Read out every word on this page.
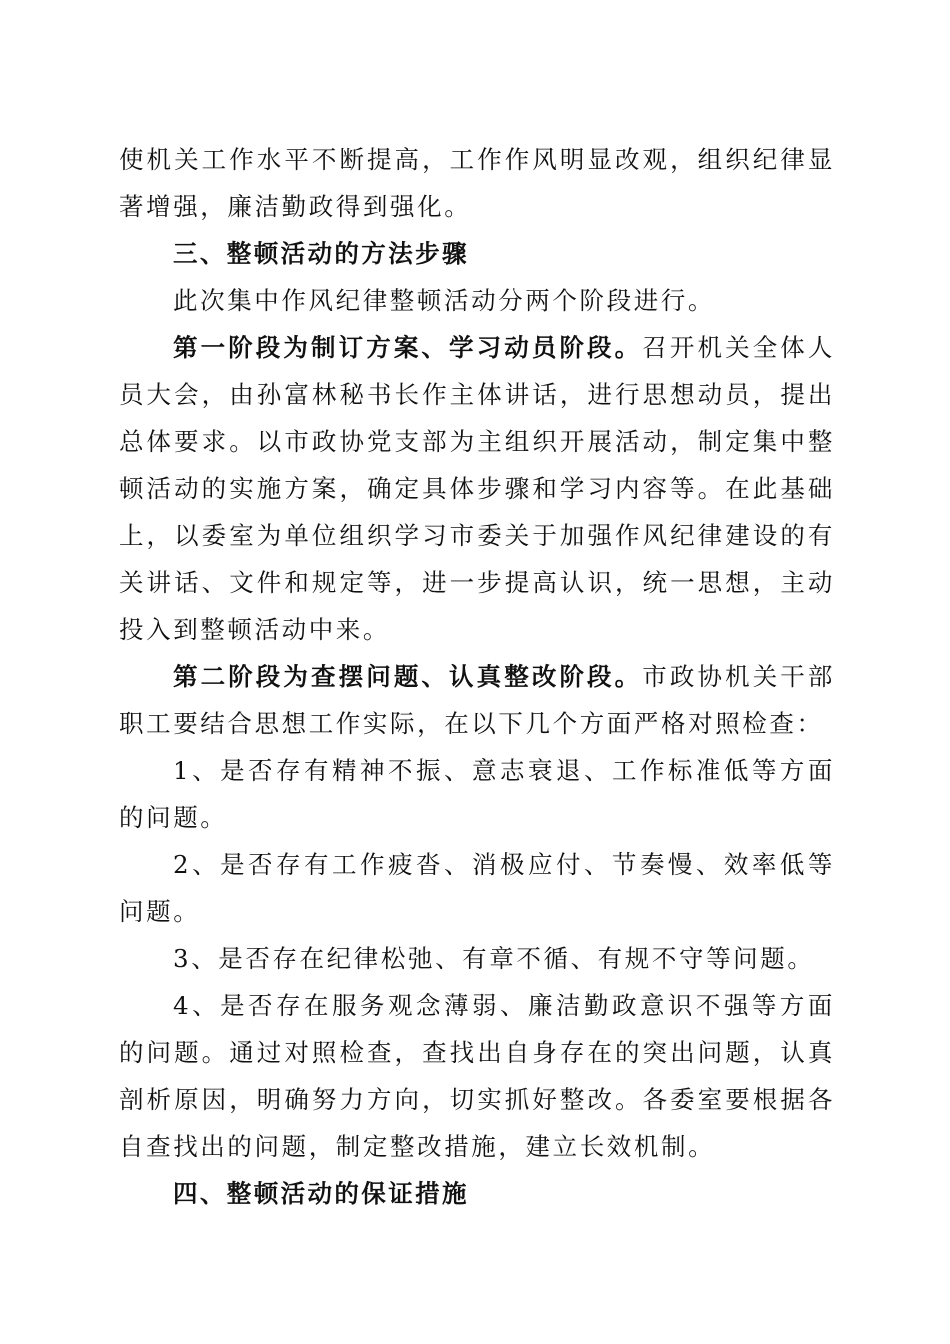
使机关工作水平不断提高，工作作风明显改观，组织纪律显著增强，廉洁勤政得到强化。

三、整顿活动的方法步骤

此次集中作风纪律整顿活动分两个阶段进行。

第一阶段为制订方案、学习动员阶段。召开机关全体人员大会，由孙富林秘书长作主体讲话，进行思想动员，提出总体要求。以市政协党支部为主组织开展活动，制定集中整顿活动的实施方案，确定具体步骤和学习内容等。在此基础上，以委室为单位组织学习市委关于加强作风纪律建设的有关讲话、文件和规定等，进一步提高认识，统一思想，主动投入到整顿活动中来。

第二阶段为查摆问题、认真整改阶段。市政协机关干部职工要结合思想工作实际，在以下几个方面严格对照检查：

1、是否存有精神不振、意志衰退、工作标准低等方面的问题。

2、是否存有工作疲沓、消极应付、节奏慢、效率低等问题。

3、是否存在纪律松弛、有章不循、有规不守等问题。

4、是否存在服务观念薄弱、廉洁勤政意识不强等方面的问题。通过对照检查，查找出自身存在的突出问题，认真剖析原因，明确努力方向，切实抓好整改。各委室要根据各自查找出的问题，制定整改措施，建立长效机制。

四、整顿活动的保证措施
